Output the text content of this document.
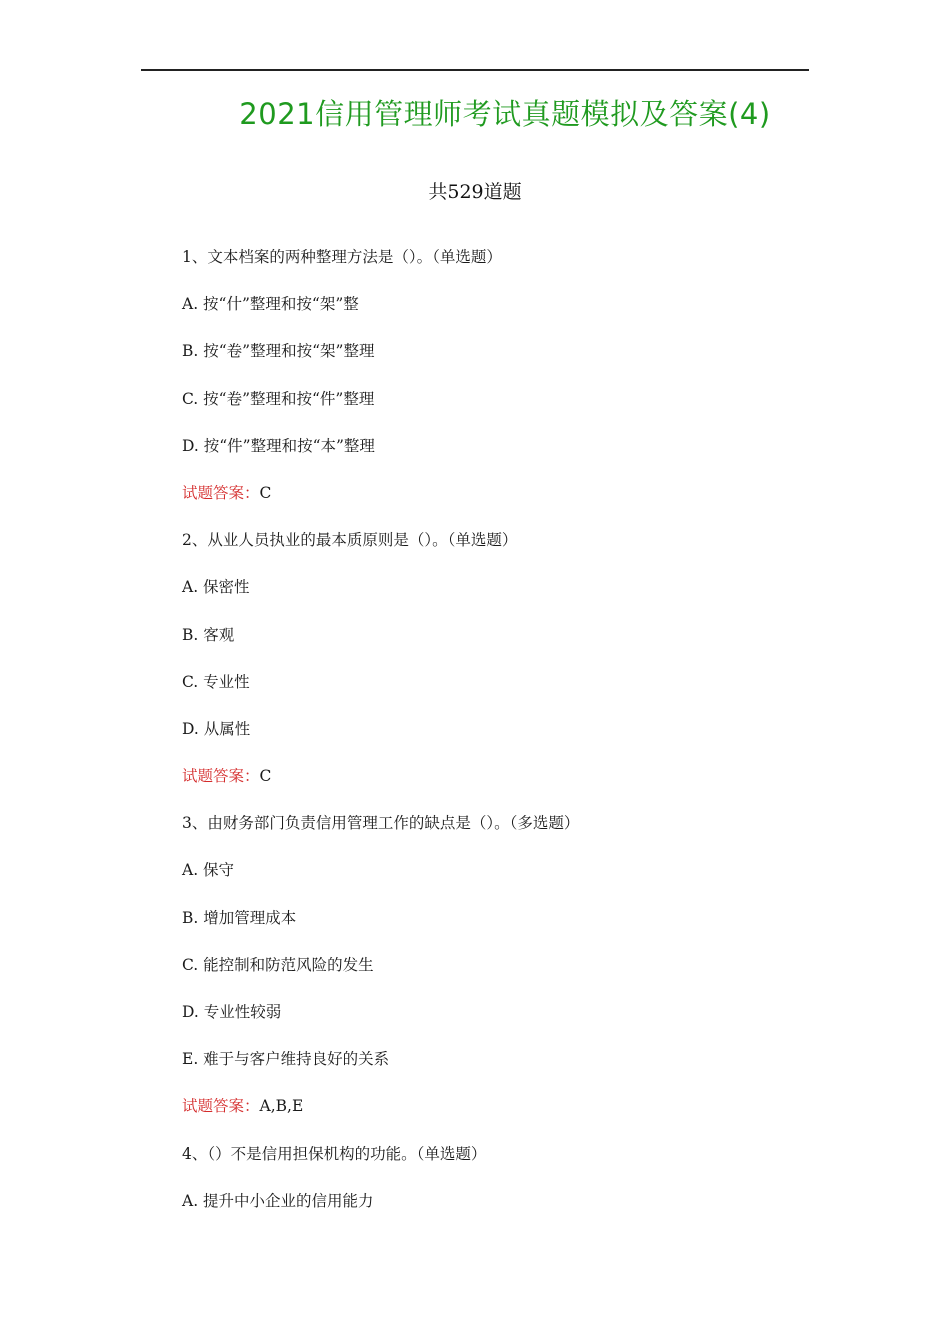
2021信用管理师考试真题模拟及答案(4)
共529道题
1、文本档案的两种整理方法是（）。（单选题）
A. 按“什”整理和按“架”整
B. 按“卷”整理和按“架”整理
C. 按“卷”整理和按“件”整理
D. 按“件”整理和按“本”整理
试题答案：C
2、从业人员执业的最本质原则是（）。（单选题）
A. 保密性
B. 客观
C. 专业性
D. 从属性
试题答案：C
3、由财务部门负责信用管理工作的缺点是（）。（多选题）
A. 保守
B. 增加管理成本
C. 能控制和防范风险的发生
D. 专业性较弱
E. 难于与客户维持良好的关系
试题答案：A,B,E
4、（）不是信用担保机构的功能。（单选题）
A. 提升中小企业的信用能力
